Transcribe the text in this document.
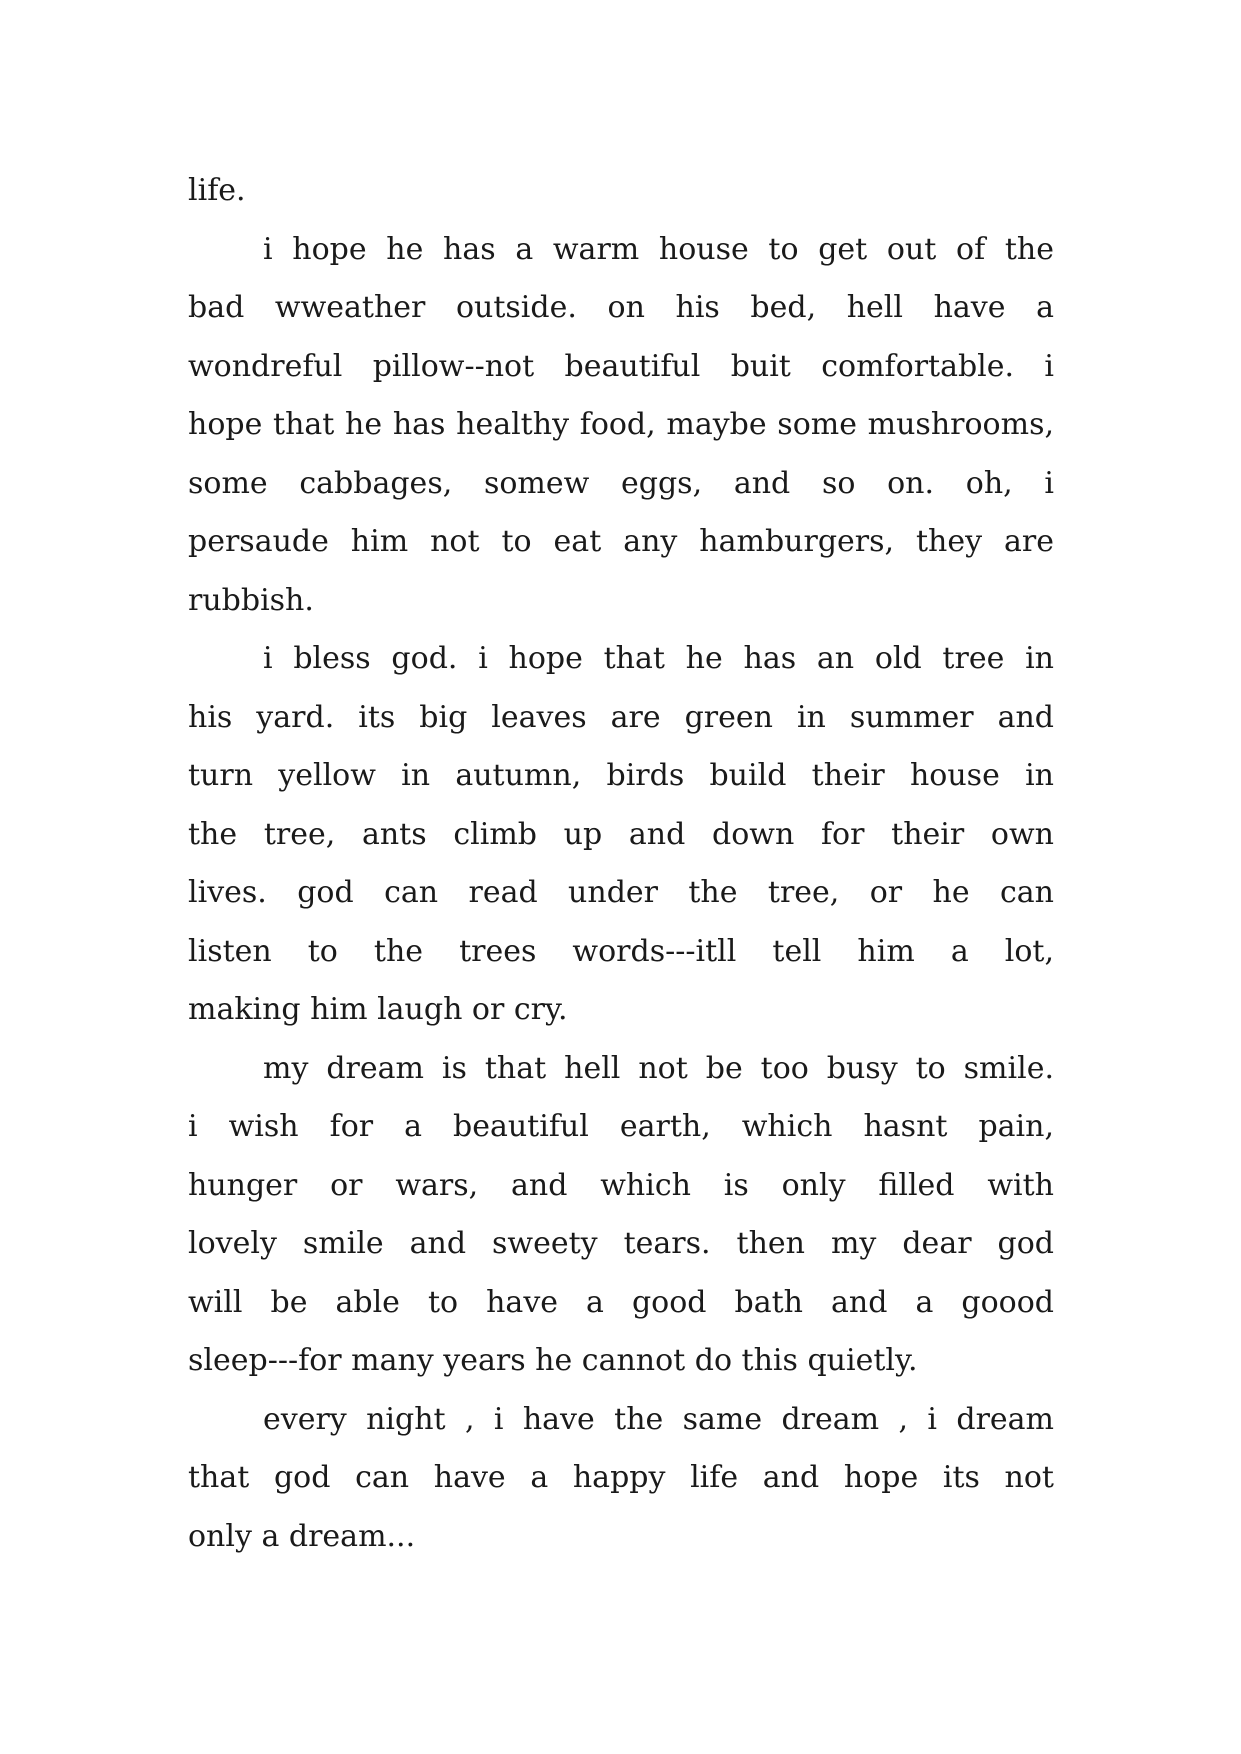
life.
i hope he has a warm house to get out of the
bad wweather outside. on his bed, hell have a
wondreful pillow--not beautiful buit comfortable. i
hope that he has healthy food, maybe some mushrooms,
some cabbages, somew eggs, and so on. oh, i
persaude him not to eat any hamburgers, they are
rubbish.
i bless god. i hope that he has an old tree in
his yard. its big leaves are green in summer and
turn yellow in autumn, birds build their house in
the tree, ants climb up and down for their own
lives. god can read under the tree, or he can
listen to the trees words---itll tell him a lot,
making him laugh or cry.
my dream is that hell not be too busy to smile.
i wish for a beautiful earth, which hasnt pain,
hunger or wars, and which is only filled with
lovely smile and sweety tears. then my dear god
will be able to have a good bath and a goood
sleep---for many years he cannot do this quietly.
every night , i have the same dream , i dream
that god can have a happy life and hope its not
only a dream...
